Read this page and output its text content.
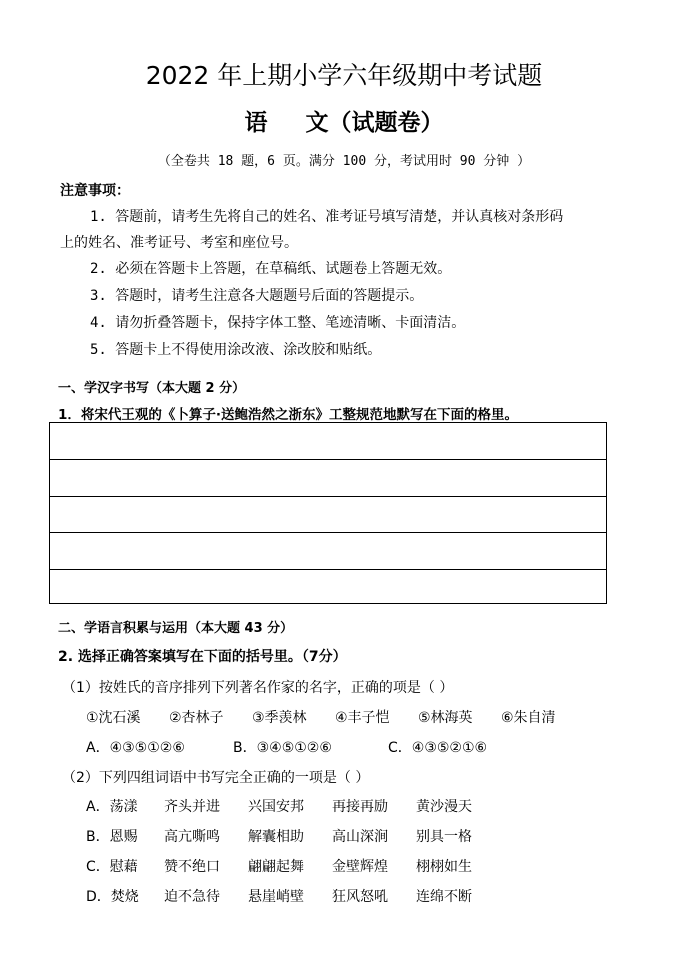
2022 年上期小学六年级期中考试题
语 文（试题卷）
（全卷共 18 题，6 页。满分 100 分，考试用时 90 分钟 ）
注意事项：
1. 答题前，请考生先将自己的姓名、准考证号填写清楚，并认真核对条形码
上的姓名、准考证号、考室和座位号。
2. 必须在答题卡上答题，在草稿纸、试题卷上答题无效。
3. 答题时，请考生注意各大题题号后面的答题提示。
4. 请勿折叠答题卡，保持字体工整、笔迹清晰、卡面清洁。
5. 答题卡上不得使用涂改液、涂改胶和贴纸。
一、学汉字书写（本大题 2 分）
1．将宋代王观的《卜算子·送鲍浩然之浙东》工整规范地默写在下面的格里。
二、学语言积累与运用（本大题 43 分）
2. 选择正确答案填写在下面的括号里。（7分）
（1）按姓氏的音序排列下列著名作家的名字，正确的项是（ ）
①沈石溪 ②杏林子 ③季羡林 ④丰子恺 ⑤林海英 ⑥朱自清
A．④③⑤①②⑥	B．③④⑤①②⑥	C．④③⑤②①⑥
（2）下列四组词语中书写完全正确的一项是（ ）
A．荡漾 齐头并进 兴国安邦 再接再励 黄沙漫天
B．恩赐 高亢嘶鸣 解囊相助 高山深涧 别具一格
C．慰藉 赞不绝口 翩翩起舞 金壁辉煌 栩栩如生
D．焚烧 迫不急待 悬崖峭壁 狂风怒吼 连绵不断
